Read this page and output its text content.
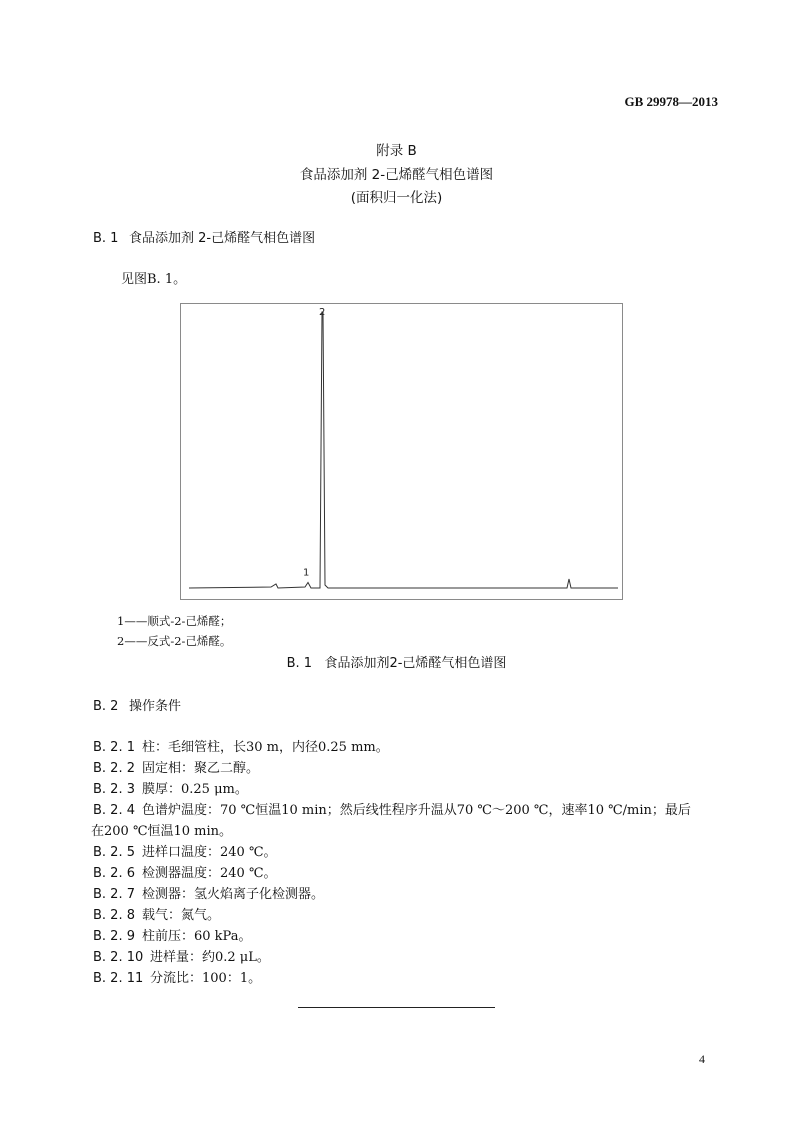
GB 29978—2013
附录 B
食品添加剂 2-己烯醛气相色谱图
(面积归一化法)
B. 1 食品添加剂 2-己烯醛气相色谱图
见图B. 1。
1
2
1——顺式-2-己烯醛；
2——反式-2-己烯醛。
B. 1 食品添加剂2-己烯醛气相色谱图
B. 2 操作条件
B. 2. 1 柱：毛细管柱，长30 m，内径0.25 mm。
B. 2. 2 固定相：聚乙二醇。
B. 2. 3 膜厚：0.25 μm。
B. 2. 4 色谱炉温度：70 ℃恒温10 min；然后线性程序升温从70 ℃～200 ℃，速率10 ℃/min；最后
在200 ℃恒温10 min。
B. 2. 5 进样口温度：240 ℃。
B. 2. 6 检测器温度：240 ℃。
B. 2. 7 检测器：氢火焰离子化检测器。
B. 2. 8 载气：氮气。
B. 2. 9 柱前压：60 kPa。
B. 2. 10 进样量：约0.2 μL。
B. 2. 11 分流比：100：1。
4
